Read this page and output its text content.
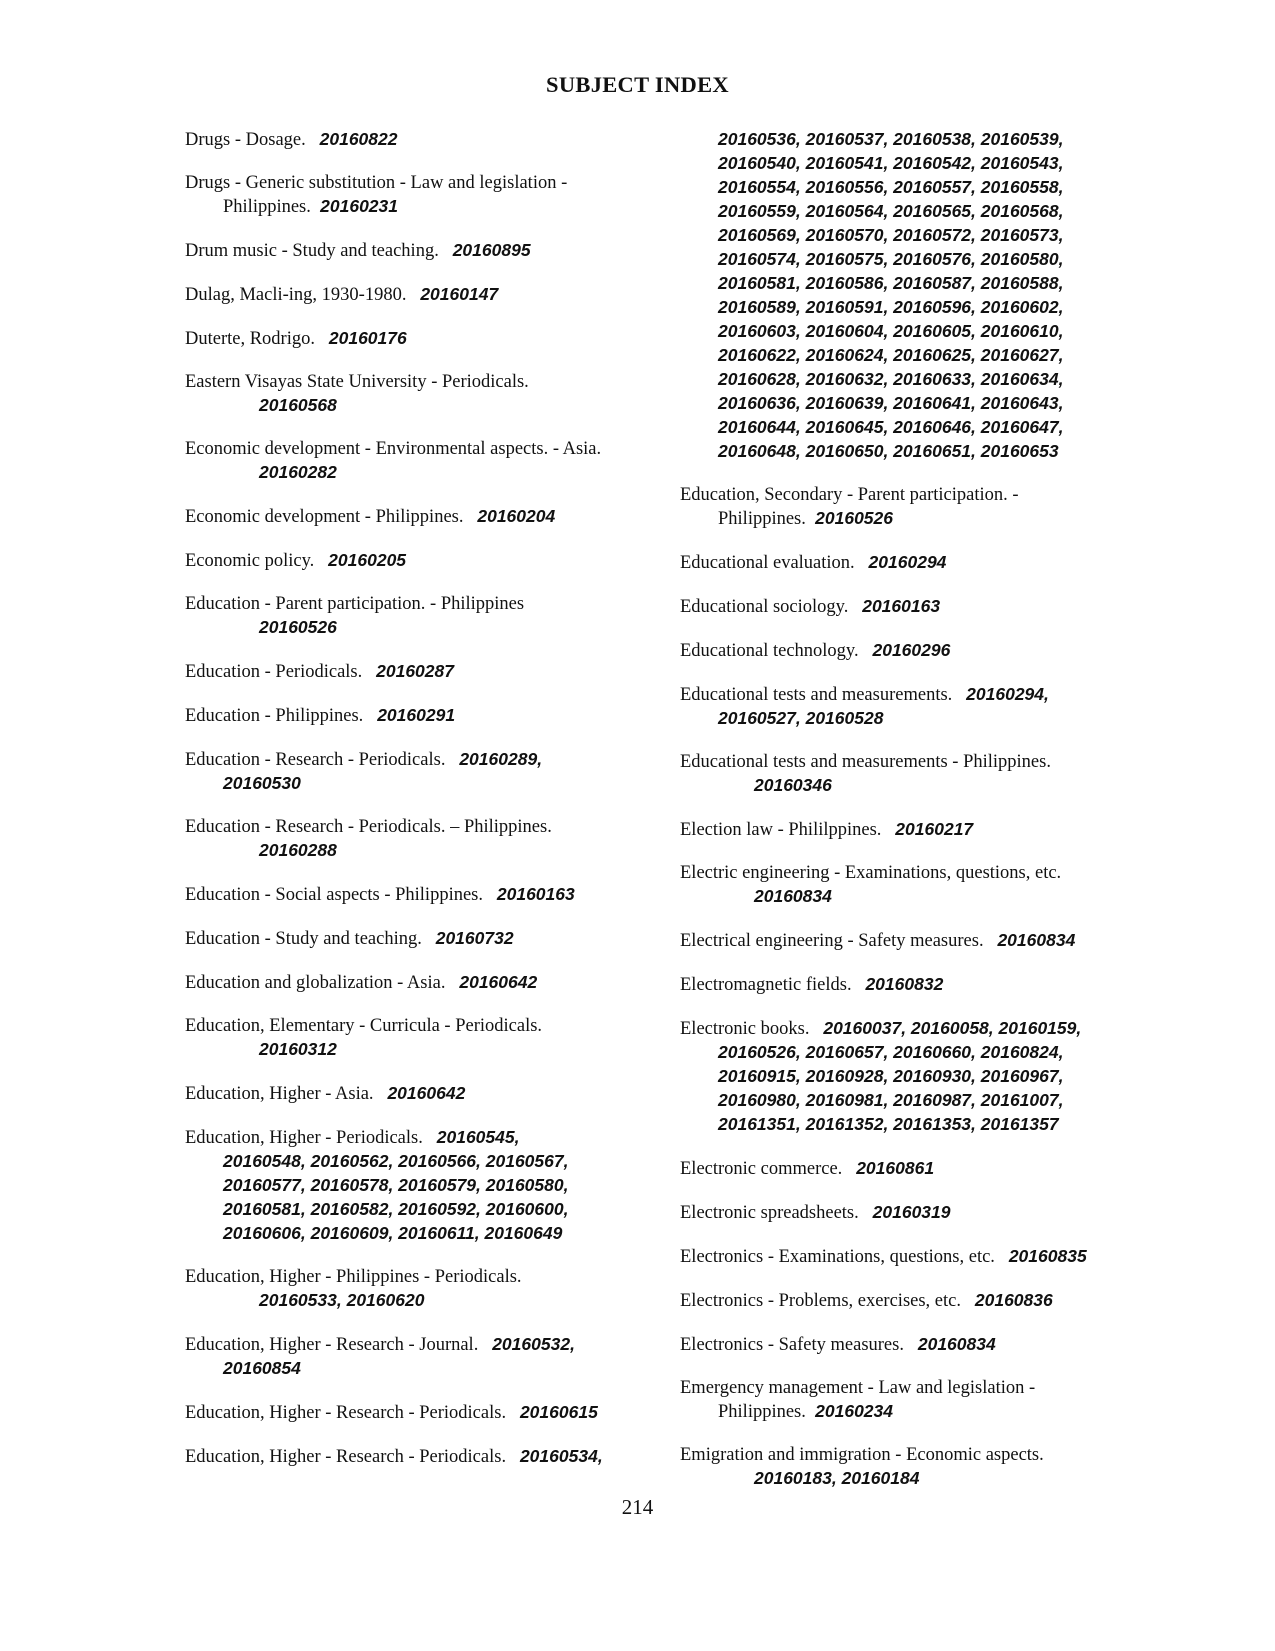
SUBJECT INDEX
Drugs - Dosage. 20160822
Drugs - Generic substitution - Law and legislation -
Philippines. 20160231
Drum music - Study and teaching. 20160895
Dulag, Macli-ing, 1930-1980. 20160147
Duterte, Rodrigo. 20160176
Eastern Visayas State University - Periodicals.
20160568
Economic development - Environmental aspects. - Asia.
20160282
Economic development - Philippines. 20160204
Economic policy. 20160205
Education - Parent participation. - Philippines
20160526
Education - Periodicals. 20160287
Education - Philippines. 20160291
Education - Research - Periodicals. 20160289,
20160530
Education - Research - Periodicals. – Philippines.
20160288
Education - Social aspects - Philippines. 20160163
Education - Study and teaching. 20160732
Education and globalization - Asia. 20160642
Education, Elementary - Curricula - Periodicals.
20160312
Education, Higher - Asia. 20160642
Education, Higher - Periodicals. 20160545,
20160548, 20160562, 20160566, 20160567,
20160577, 20160578, 20160579, 20160580,
20160581, 20160582, 20160592, 20160600,
20160606, 20160609, 20160611, 20160649
Education, Higher - Philippines - Periodicals.
20160533, 20160620
Education, Higher - Research - Journal. 20160532,
20160854
Education, Higher - Research - Periodicals. 20160615
Education, Higher - Research - Periodicals. 20160534,
20160536, 20160537, 20160538, 20160539,
20160540, 20160541, 20160542, 20160543,
20160554, 20160556, 20160557, 20160558,
20160559, 20160564, 20160565, 20160568,
20160569, 20160570, 20160572, 20160573,
20160574, 20160575, 20160576, 20160580,
20160581, 20160586, 20160587, 20160588,
20160589, 20160591, 20160596, 20160602,
20160603, 20160604, 20160605, 20160610,
20160622, 20160624, 20160625, 20160627,
20160628, 20160632, 20160633, 20160634,
20160636, 20160639, 20160641, 20160643,
20160644, 20160645, 20160646, 20160647,
20160648, 20160650, 20160651, 20160653
Education, Secondary - Parent participation. -
Philippines. 20160526
Educational evaluation. 20160294
Educational sociology. 20160163
Educational technology. 20160296
Educational tests and measurements. 20160294,
20160527, 20160528
Educational tests and measurements - Philippines.
20160346
Election law - Phililppines. 20160217
Electric engineering - Examinations, questions, etc.
20160834
Electrical engineering - Safety measures. 20160834
Electromagnetic fields. 20160832
Electronic books. 20160037, 20160058, 20160159,
20160526, 20160657, 20160660, 20160824,
20160915, 20160928, 20160930, 20160967,
20160980, 20160981, 20160987, 20161007,
20161351, 20161352, 20161353, 20161357
Electronic commerce. 20160861
Electronic spreadsheets. 20160319
Electronics - Examinations, questions, etc. 20160835
Electronics - Problems, exercises, etc. 20160836
Electronics - Safety measures. 20160834
Emergency management - Law and legislation -
Philippines. 20160234
Emigration and immigration - Economic aspects.
20160183, 20160184
214
